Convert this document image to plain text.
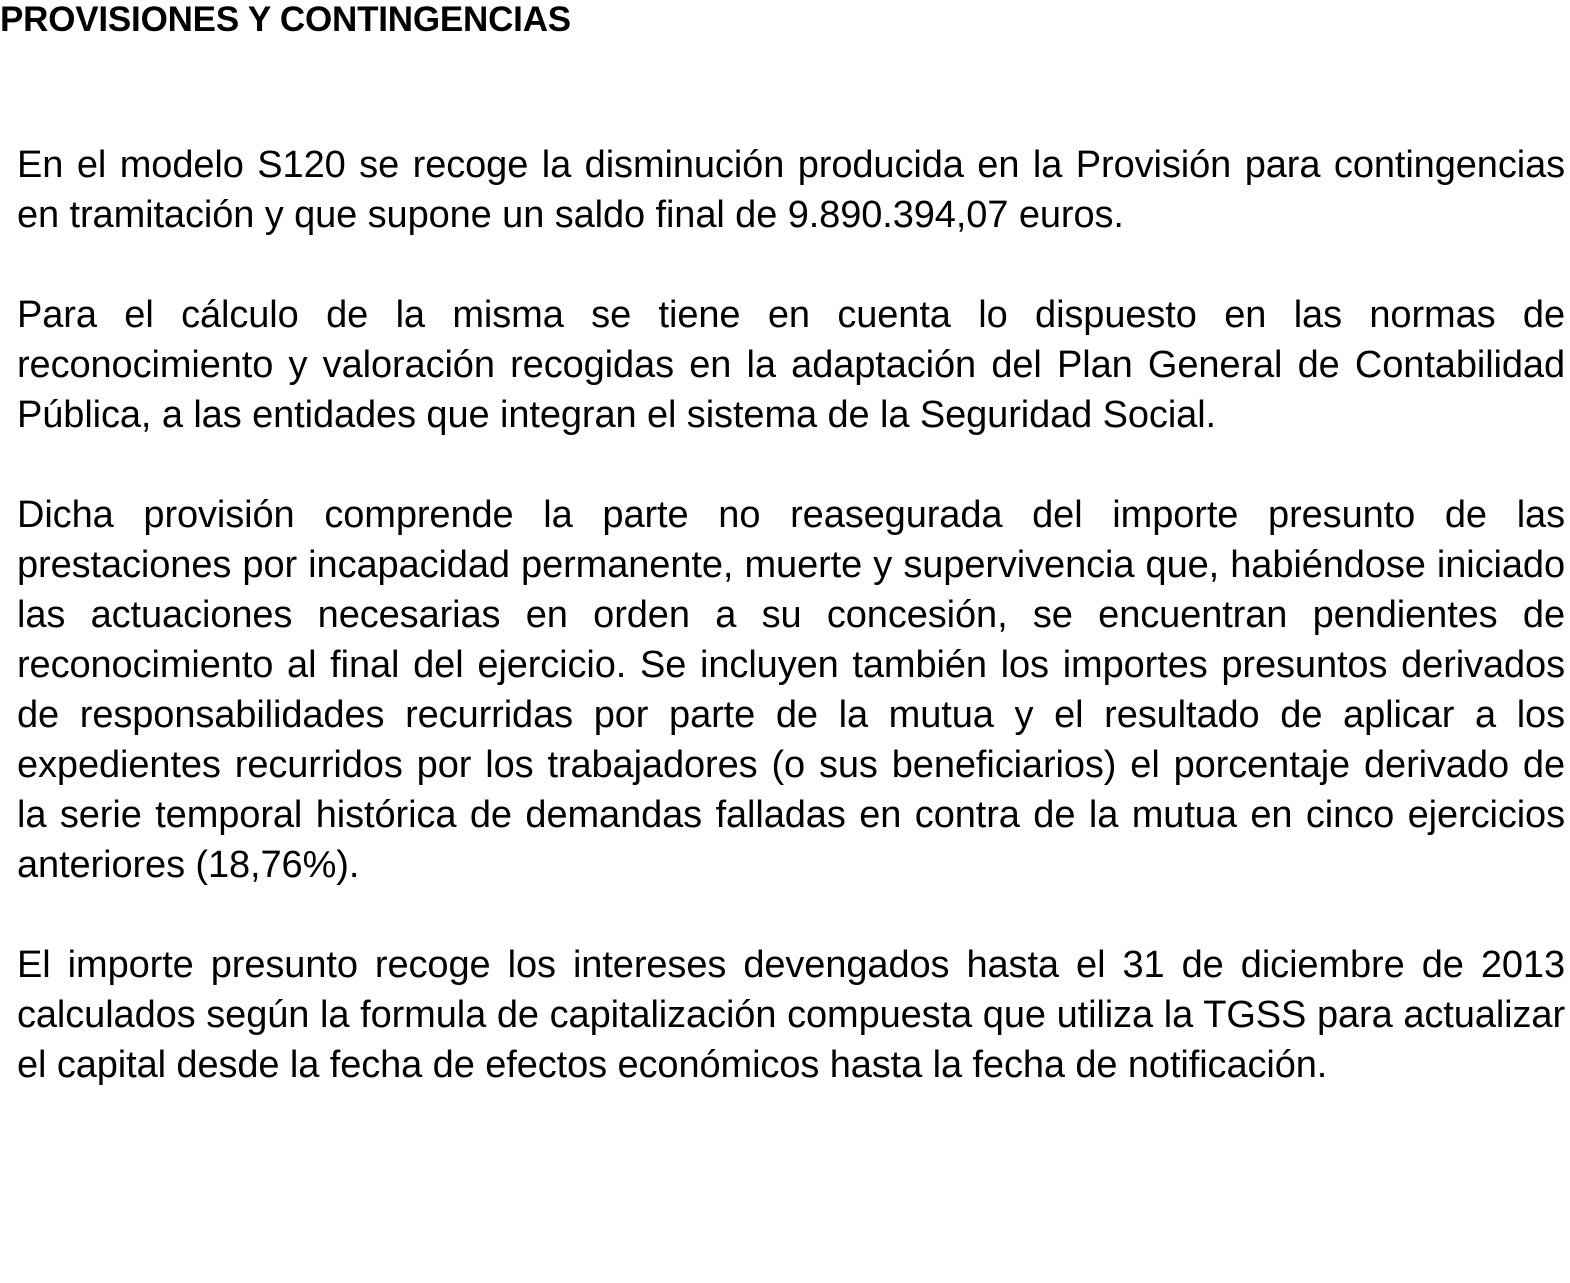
PROVISIONES Y CONTINGENCIAS

En el modelo S120 se recoge la disminución producida en la Provisión para contingencias en tramitación y que supone un saldo final de 9.890.394,07 euros.

Para el cálculo de la misma se tiene en cuenta lo dispuesto en las normas de reconocimiento y valoración recogidas en la adaptación del Plan General de Contabilidad Pública, a las entidades que integran el sistema de la Seguridad Social.

Dicha provisión comprende la parte no reasegurada del importe presunto de las prestaciones por incapacidad permanente, muerte y supervivencia que, habiéndose iniciado las actuaciones necesarias en orden a su concesión, se encuentran pendientes de reconocimiento al final del ejercicio. Se incluyen también los importes presuntos derivados de responsabilidades recurridas por parte de la mutua y el resultado de aplicar a los expedientes recurridos por los trabajadores (o sus beneficiarios) el porcentaje derivado de la serie temporal histórica de demandas falladas en contra de la mutua en cinco ejercicios anteriores (18,76%).

El importe presunto recoge los intereses devengados hasta el 31 de diciembre de 2013 calculados según la formula de capitalización compuesta que utiliza la TGSS para actualizar el capital desde la fecha de efectos económicos hasta la fecha de notificación.
